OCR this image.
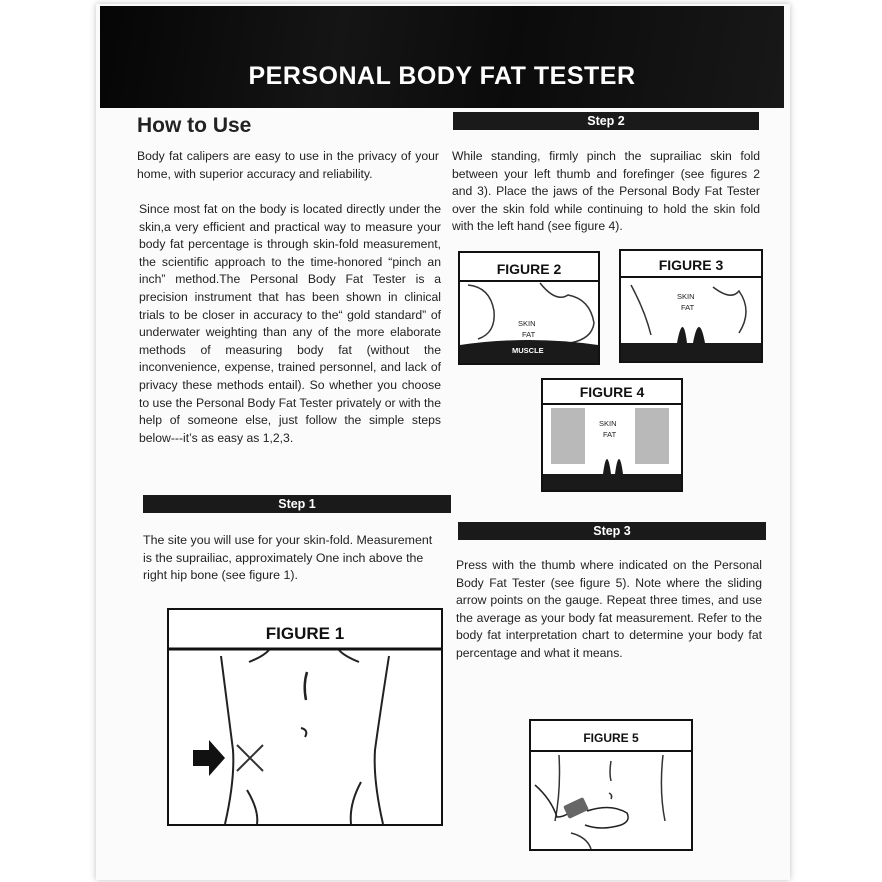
PERSONAL BODY FAT TESTER
How to Use

Body fat calipers are easy to use in the privacy of your home, with superior accuracy and reliability.

Since most fat on the body is located directly under the skin,a very efficient and practical way to measure your body fat percentage is through skin-fold measurement, the scientific approach to the time-honored “pinch an inch” method.The Personal Body Fat Tester is a precision instrument that has been shown in clinical trials to be closer in accuracy to the“ gold standard” of underwater weighting than any of the more elaborate methods of measuring body fat (without the inconvenience, expense, trained personnel, and lack of privacy these methods entail). So whether you choose to use the Personal Body Fat Tester privately or with the help of someone else, just follow the simple steps below---it’s as easy as 1,2,3.

Step 1

The site you will use for your skin-fold. Measurement is the suprailiac, approximately One inch above the right hip bone (see figure 1).

FIGURE 1
Step 2

While standing, firmly pinch the suprailiac skin fold between your left thumb and forefinger (see figures 2 and 3). Place the jaws of the Personal Body Fat Tester over the skin fold while continuing to hold the skin fold with the left hand (see figure 4).

FIGURE 2
SKIN
FAT
MUSCLE
FIGURE 3
SKIN
FAT
FIGURE 4
SKIN
FAT
Step 3

Press with the thumb where indicated on the Personal Body Fat Tester (see figure 5). Note where the sliding arrow points on the gauge. Repeat three times, and use the average as your body fat measurement. Refer to the body fat interpretation chart to determine your body fat percentage and what it means.

FIGURE 5
